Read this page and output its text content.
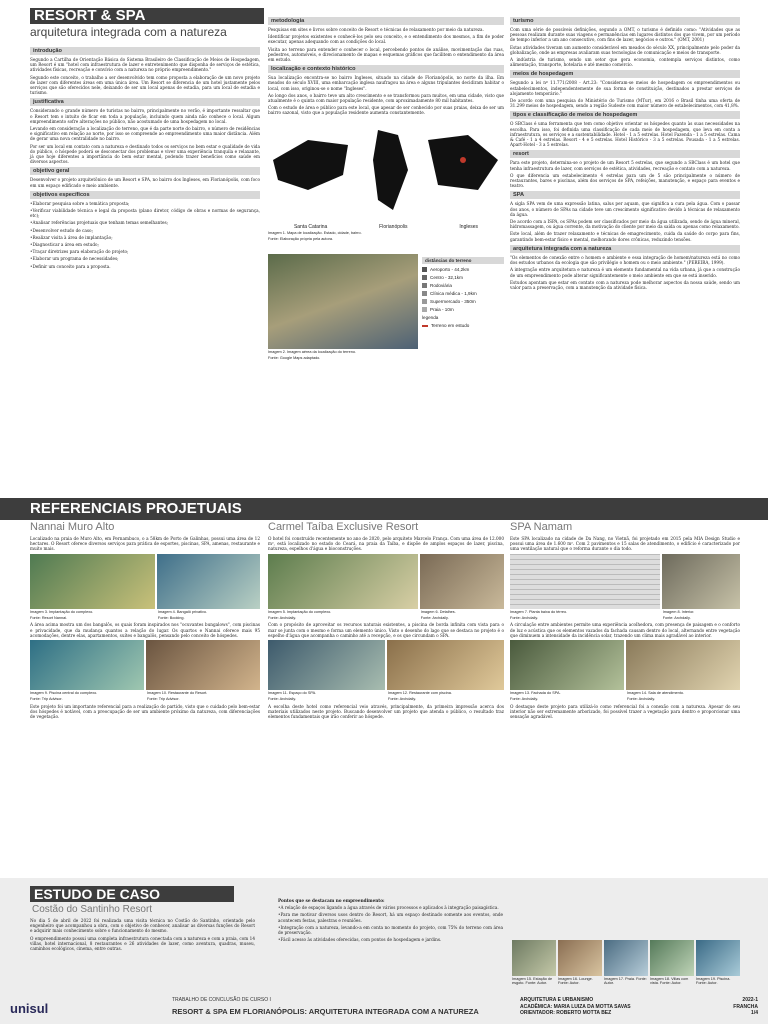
RESORT & SPA
arquitetura integrada com a natureza
introdução

Segundo a Cartilha de Orientação Básica do Sistema Brasileiro de Classificação de Meios de Hospedagem, um Resort é um "hotel com infraestrutura de lazer e entretenimento que disponha de serviços de estética, atividades físicas, recreação e convívio com a natureza no próprio empreendimento."

Segundo este conceito, o trabalho a ser desenvolvido tem como proposta a elaboração de um novo projeto de lazer com diferentes áreas em uma única área. Um Resort se diferencia de um hotel justamente pelos serviços que são oferecidos nele, deixando de ser um local apenas de estadia, para um local de estadia e turismo.

justificativa

Considerando o grande número de turistas no bairro, principalmente no verão, é importante ressaltar que o Resort tem o intuito de ficar em toda a população, incluindo quem ainda não conhece o local. Algum empreendimento sofre alterações no público, não acostumado de uma hospedagem no local.

Levando em consideração a localização do terreno, que é da parte norte do bairro, o número de residências e significativo em relação ao norte, por isso se compreende ao empreendimento uma maior distância. Além de gerar uma nova centralidade no bairro.

Por ser um local em contato com a natureza e destinado todos os serviços no bem estar e qualidade de vida do público, o hóspede poderá se desconectar dos problemas e viver uma experiência tranquila e relaxante, já que hoje diferentes a importância do bem estar mental, podendo trazer benefícios como saúde em diversos aspectos.

objetivo geral

Desenvolver o projeto arquitetônico de um Resort e SPA, no bairro dos Ingleses, em Florianópolis, com foco em um espaço edificado e meio ambiente.

objetivos específicos

•Elaborar pesquisa sobre a temática proposta;

•Verificar viabilidade técnica e legal da proposta (plano diretor, código de obras e normas de segurança, etc);

•Analisar referências projetuais que tenham temas semelhantes;

•Desenvolver estudo de caso;

•Realizar visita à área de implantação;

•Diagnosticar a área em estudo;

•Traçar diretrizes para elaboração do projeto;

•Elaborar um programa de necessidades;

•Definir um conceito para a proposta.

metodologia

Pesquisas em sites e livros sobre conceito de Resort e técnicas de relaxamento por meio da natureza.

Identificar projetos existentes e conhecê-los pelo seu conceito, e o entendimento dos mesmos, a fim de poder executar, apenas adequando com as condições do local.

Visita ao terreno para entender e conhecer o local, percebendo pontos de análise, movimentação das ruas, pedestres, automóveis, e direcionamento de mapas e esquemas gráficos que facilitem o entendimento da área em estudo.

localização e contexto histórico

Sua localização encontra-se no bairro Ingleses, situado na cidade de Florianópolis, no norte da ilha. Em meados do século XVIII, uma embarcação inglesa naufragou na área e alguns tripulantes decidiram habitar o local, com isso, originou-se o nome "Ingleses".

Ao longo dos anos, o bairro teve um alto crescimento e se transformou para muitos, em uma cidade, visto que atualmente é o quinta com maior população residente, com aproximadamente 80 mil habitantes.

Com o estudo de área e público para este local, que apesar de ser conhecido por suas praias, deixa de ser um bairro sazonal, visto que a população residente aumenta constantemente.

Santa Catarina	Florianópolis	Ingleses
Imagem 1. Mapa de localização. Estado, cidade, bairro.
Fonte: Elaboração própria pela autora.
distâncias do terreno
Aeroporto - 44,2km
Centro - 32,1km
Rodoviária
Clínica médica - 1,9km
Supermercado - 350m
Praia - 10m
legenda
Terreno em estudo
Imagem 2. Imagem aérea da localização do terreno.
Fonte: Google Maps adaptado.
turismo

Com uma série de possíveis definições, segundo a OMT, o turismo é definido como: "Atividades que as pessoas realizam durante suas viagens e permanências em lugares distintos dos que vivem, por um período de tempo inferior a um ano consecutivo, com fins de lazer, negócios e outros." (OMT, 2001)

Estas atividades tiveram um aumento considerável em meados do século XX, principalmente pelo poder da globalização, onde as empresas avaliaram suas tecnologias de comunicação e meios de transporte.

A indústria de turismo, sendo um setor que gera economia, contempla serviços distintos, como alimentação, transporte, hotelaria e até mesmo comércio.

meios de hospedagem

Segundo a lei nº 11.771/2008 - Art.23: "Consideram-se meios de hospedagem os empreendimentos ou estabelecimentos, independentemente de sua forma de constituição, destinados a prestar serviços de alojamento temporário."

De acordo com uma pesquisa do Ministério do Turismo (MTur), em 2016 o Brasil tinha uma oferta de 31.299 meios de hospedagem, sendo a região Sudeste com maior número de estabelecimentos, com 41,8%.

tipos e classificação de meios de hospedagem

O SBClass é uma ferramenta que tem como objetivo orientar os hóspedes quanto às suas necessidades na escolha. Para isso, foi definida uma classificação de cada meio de hospedagem, que leva em conta a infraestrutura, os serviços e a sustentabilidade. Hotel - 1 a 5 estrelas. Hotel Fazenda - 1 a 5 estrelas. Cama & Café - 1 a 4 estrelas. Resort - 4 e 5 estrelas. Hotel Histórico - 3 a 5 estrelas. Pousada - 1 a 5 estrelas. Apart-Hotel - 3 a 5 estrelas.

resort

Para este projeto, determina-se o projeto de um Resort 5 estrelas, que segundo a SBClass é um hotel que tenha infraestrutura de lazer, com serviços de estética, atividades, recreação e contato com a natureza.

O que diferencia um estabelecimento 4 estrelas para um de 5 são principalmente o número de restaurantes, bares e piscinas, além dos serviços de SPA, refeições, manutenção, e espaço para eventos e teatro.

SPA

A sigla SPA vem de uma expressão latina, salus per aquam, que significa a cura pela água. Com o passar dos anos, o número de SPAs na cidade teve um crescimento significativo devido à técnicas de relaxamento da água.

De acordo com a ISPA, os SPAs podem ser classificados por meio da água utilizada, sendo de água mineral, hidromassagem, ou água corrente, da motivação do cliente por meio da saída ou apenas como relaxamento.

Este local, além de trazer relaxamento e técnicas de emagrecimento, cuida da saúde do corpo para fins, garantindo bem-estar físico e mental, melhorando dores crônicas, reduzindo tensões.

arquitetura integrada com a natureza

"Os elementos de conexão entre o homem e ambiente e essa integração de homem/natureza está no como dos estudos urbanos da ecologia que são privilégio o homem ou o meio ambiente." (PEREIRA, 1999).

A integração entre arquitetura e natureza é um elemento fundamental na vida urbana, já que a construção de um empreendimento pode alterar significantemente o meio ambiente em que se está inserido.

Estudos apontam que estar em contato com a natureza pode melhorar aspectos da nossa saúde, sendo um valor para a preservação, com a manutenção da atividade física.

REFERENCIAIS PROJETUAIS
Nannai Muro Alto	Carmel Taíba Exclusive Resort	SPA Namam

Localizado na praia de Muro Alto, em Pernambuco, o a 58km de Porto de Galinhas, possui uma área de 12 hectares. O Resort oferece diversos serviços para prática de esportes, piscinas, SPA, amenas, restaurante e muito mais.

Imagem 3. Implantação do complexo.
Fonte: Resort Nannai.
Imagem 4. Bangalô privativo.
Fonte: Booking.

A área acima mostra um dos bangalôs, os quais foram inspirados nos "ocuvantes bungalows", com piscinas e privacidade, que da mudança quantos a relação do lugar. Os quartos e Nannai oferece mais 95 acomodações, dentre elas, apartamentos, suítes e bangalôs, pensando pelo conceito de hóspedes.

Imagem 9. Piscina central do complexo.
Fonte: Trip Advisor.
Imagem 10. Restaurante do Resort.
Fonte: Trip Advisor.

Este projeto foi um importante referencial para a realização do partido, visto que o cuidado pelo bem-estar dos hóspedes é notável, com a preocupação de ser um ambiente próximo da natureza, com diferenciações de vegetação.

O hotel foi construído recentemente no ano de 2020, pelo arquiteto Marcelo França. Com uma área de 12.000 m², está localizado no estado do Ceará, na praia da Taíba, e dispõe de amplos espaços de lazer, piscina, natureza, espelhos d'água e bioconstruções.

Imagem 5. Implantação do complexo.
Fonte: Archdaily.
Imagem 6. Detalhes.
Fonte: Archdaily.

Com o propósito de aproveitar os recursos naturais existentes, a piscina de borda infinita com vista para o mar se junta com o mesmo e forma um elemento único. Visto o desenho do lago que se destaca no projeto é o espelho d'água que acompanha o caminho até a recepção, e os que circundam o SPA.

Imagem 11. Espaço do SPA.
Fonte: Archdaily.
Imagem 12. Restaurante com piscina.
Fonte: Archdaily.

A escolha deste hotel como referencial veio através, principalmente, da primeira impressão acerca dos materiais utilizados neste projeto. Buscando desenvolver um projeto que atenda o público, o resultado traz elementos fundamentais que irão conferir ao hóspede.

Este SPA localizado na cidade de Da Nang, no Vietnã, foi projetado em 2015 pela MIA Design Studio e possui uma área de 1.600 m². Com 2 pavimentos e 15 salas de atendimento, o edifício é caracterizado por uma ventilação natural que o reforma durante o dia todo.

Imagem 7. Planta baixa do térreo.
Fonte: Archdaily.
Imagem 8. Interior.
Fonte: Archdaily.

A circulação entre ambientes permite uma experiência acolhedora, com presença de paisagem e o conforto de luz e acústica que os elementos vazados da fachada causam dentro do local, alternando entre vegetação que diminuem a intensidade da incidência solar, trazendo um clima mais agradável ao interior.

Imagem 13. Fachada do SPA.
Fonte: Archdaily.
Imagem 14. Sala de atendimento.
Fonte: Archdaily.

O destaque deste projeto para utilizá-lo como referencial foi a conexão com a natureza. Apesar do seu interior não ser extremamente arborizado, foi possível trazer a vegetação para dentro e proporcionar uma sensação agradável.

ESTUDO DE CASO
Costão do Santinho Resort

No dia 5 de abril de 2022 foi realizada uma visita técnica no Costão do Santinho, orientado pelo engenheiro que acompanhou a obra, com o objetivo de conhecer, analisar as diversas funções do Resort e adquirir mais conhecimento sobre o funcionamento do mesmo.

O empreendimento possui uma completa infraestrutura conectada com a natureza e com a praia, com 14 villas, hotel internacional, 8 restaurantes e 26 atividades de lazer, como aventura, quadras, museu, caminhos ecológicos, cinema, entre outras.

Pontos que se destacam no empreendimento:

•A relação de espaços ligando a água através de vários processos e aplicados à integração paisagística.

•Para me motivar diversos usos dentro do Resort, há um espaço destinado somente aos eventos, onde acontecem festas, palestras e reuniões.

•Integração com a natureza, levando-a em conta no momento do projeto, com 75% do terreno com área de preservação.

•Fácil acesso às atividades oferecidas, com pontos de hospedagem e jardins.

Imagem 15. Estação de esgoto. Fonte: Autor.
Imagem 16. Lounge. Fonte: Autor.
Imagem 17. Praia. Fonte: Autor.
Imagem 18. Villas com vista. Fonte: Autor.
Imagem 19. Piscina. Fonte: Autor.
unisul
TRABALHO DE CONCLUSÃO DE CURSO I
RESORT & SPA EM FLORIANÓPOLIS: ARQUITETURA INTEGRADA COM A NATUREZA
ARQUITETURA E URBANISMO
ACADÊMICA: MARIA LUIZA DA MOTTA SAVAS
ORIENTADOR: ROBERTO MOTTA BEZ
2022-1
FRANCHA
1/4
